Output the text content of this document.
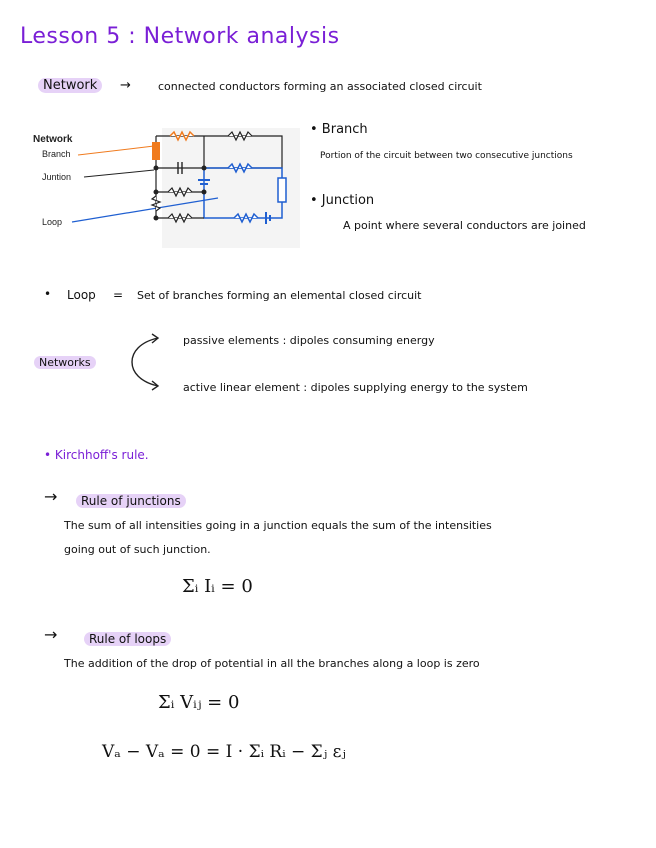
Lesson 5 : Network analysis
Network	→ connected conductors forming an associated closed circuit
Network
Branch
Juntion
Loop
• Branch
Portion of the circuit between two consecutive junctions
• Junction
A point where several conductors are joined
• Loop = Set of branches forming an elemental closed circuit
Networks
passive elements : dipoles consuming energy
active linear element : dipoles supplying energy to the system
• Kirchhoff's rule.
→	Rule of junctions
The sum of all intensities going in a junction equals the sum of the intensities
going out of such junction.
Σᵢ Iᵢ = 0
→	Rule of loops
The addition of the drop of potential in all the branches along a loop is zero
Σᵢ Vᵢⱼ = 0
Vₐ − Vₐ = 0 = I · Σᵢ Rᵢ − Σⱼ εⱼ
